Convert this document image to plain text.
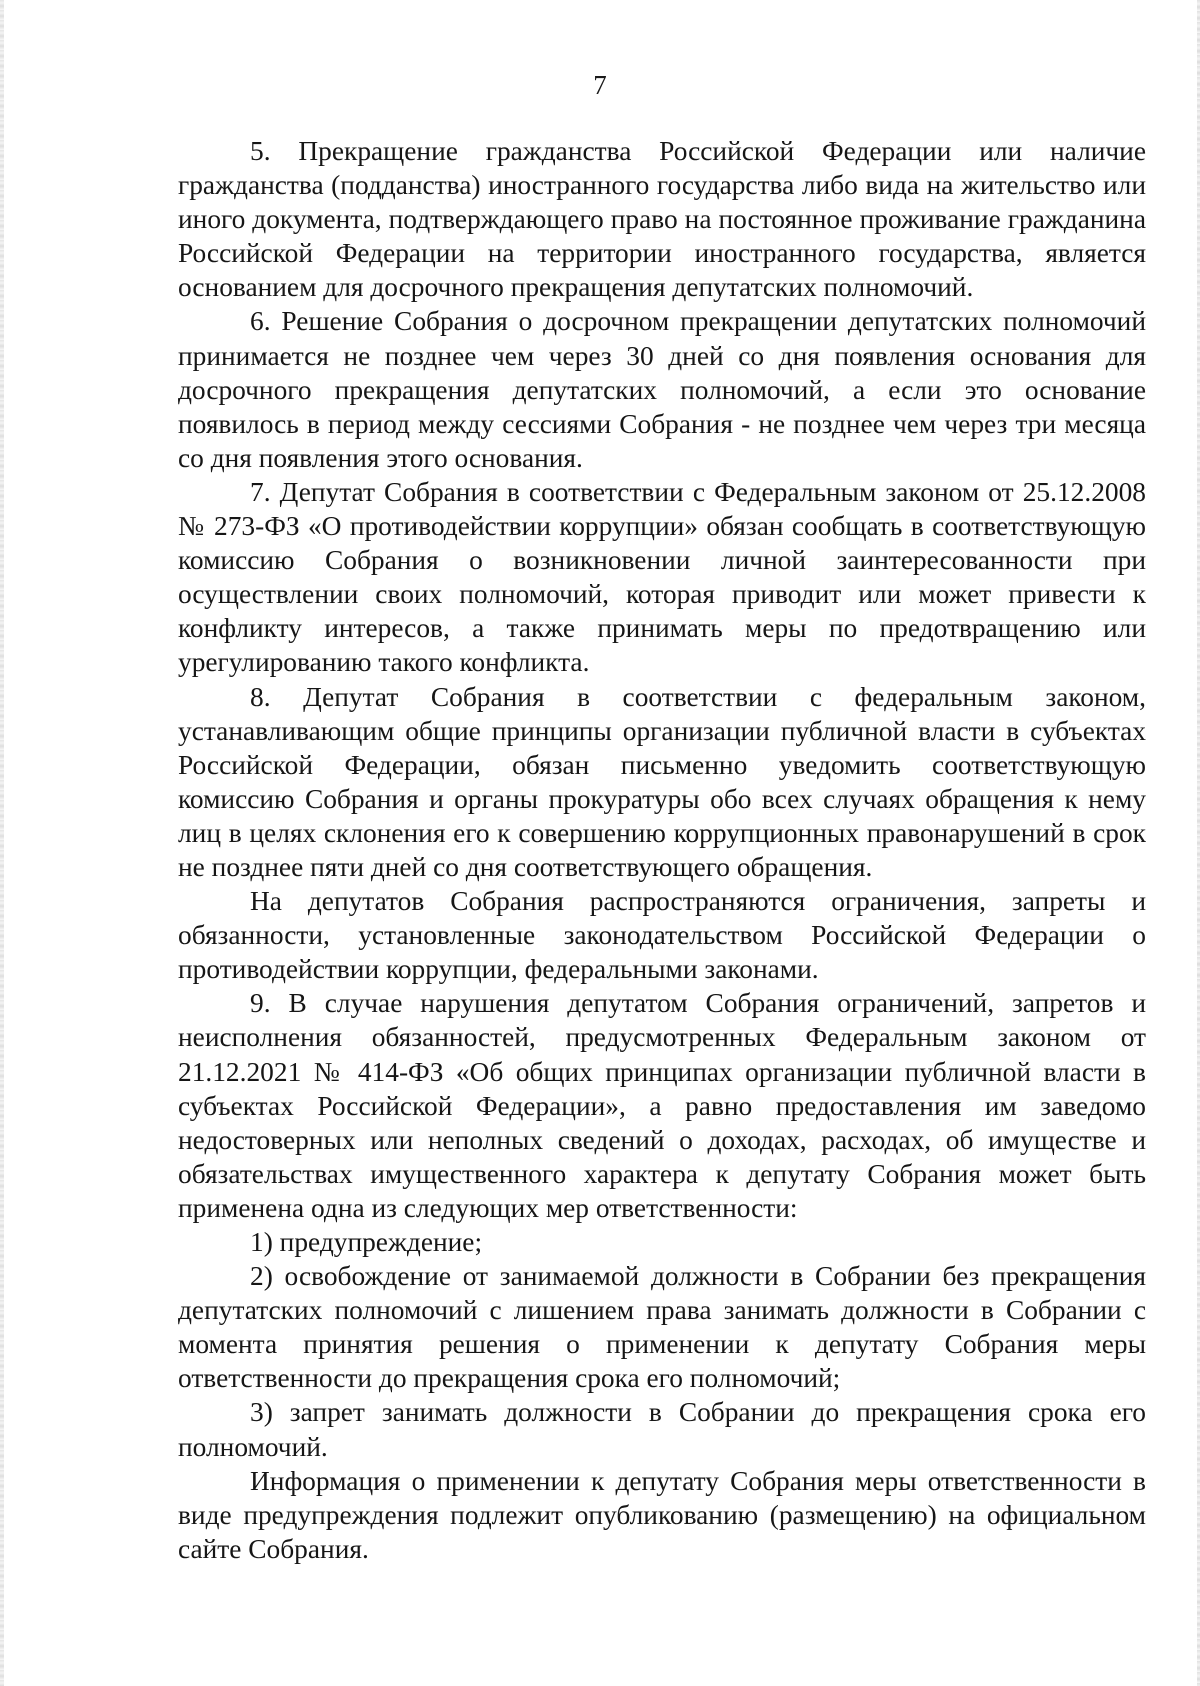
7

5. Прекращение гражданства Российской Федерации или наличие гражданства (подданства) иностранного государства либо вида на жительство или иного документа, подтверждающего право на постоянное проживание гражданина Российской Федерации на территории иностранного государства, является основанием для досрочного прекращения депутатских полномочий.

6. Решение Собрания о досрочном прекращении депутатских полномочий принимается не позднее чем через 30 дней со дня появления основания для досрочного прекращения депутатских полномочий, а если это основание появилось в период между сессиями Собрания - не позднее чем через три месяца со дня появления этого основания.

7. Депутат Собрания в соответствии с Федеральным законом от 25.12.2008 № 273-ФЗ «О противодействии коррупции» обязан сообщать в соответствующую комиссию Собрания о возникновении личной заинтересованности при осуществлении своих полномочий, которая приводит или может привести к конфликту интересов, а также принимать меры по предотвращению или урегулированию такого конфликта.

8. Депутат Собрания в соответствии с федеральным законом, устанавливающим общие принципы организации публичной власти в субъектах Российской Федерации, обязан письменно уведомить соответствующую комиссию Собрания и органы прокуратуры обо всех случаях обращения к нему лиц в целях склонения его к совершению коррупционных правонарушений в срок не позднее пяти дней со дня соответствующего обращения.

На депутатов Собрания распространяются ограничения, запреты и обязанности, установленные законодательством Российской Федерации о противодействии коррупции, федеральными законами.

9. В случае нарушения депутатом Собрания ограничений, запретов и неисполнения обязанностей, предусмотренных Федеральным законом от 21.12.2021 № 414-ФЗ «Об общих принципах организации публичной власти в субъектах Российской Федерации», а равно предоставления им заведомо недостоверных или неполных сведений о доходах, расходах, об имуществе и обязательствах имущественного характера к депутату Собрания может быть применена одна из следующих мер ответственности:

1) предупреждение;

2) освобождение от занимаемой должности в Собрании без прекращения депутатских полномочий с лишением права занимать должности в Собрании с момента принятия решения о применении к депутату Собрания меры ответственности до прекращения срока его полномочий;

3) запрет занимать должности в Собрании до прекращения срока его полномочий.

Информация о применении к депутату Собрания меры ответственности в виде предупреждения подлежит опубликованию (размещению) на официальном сайте Собрания.
